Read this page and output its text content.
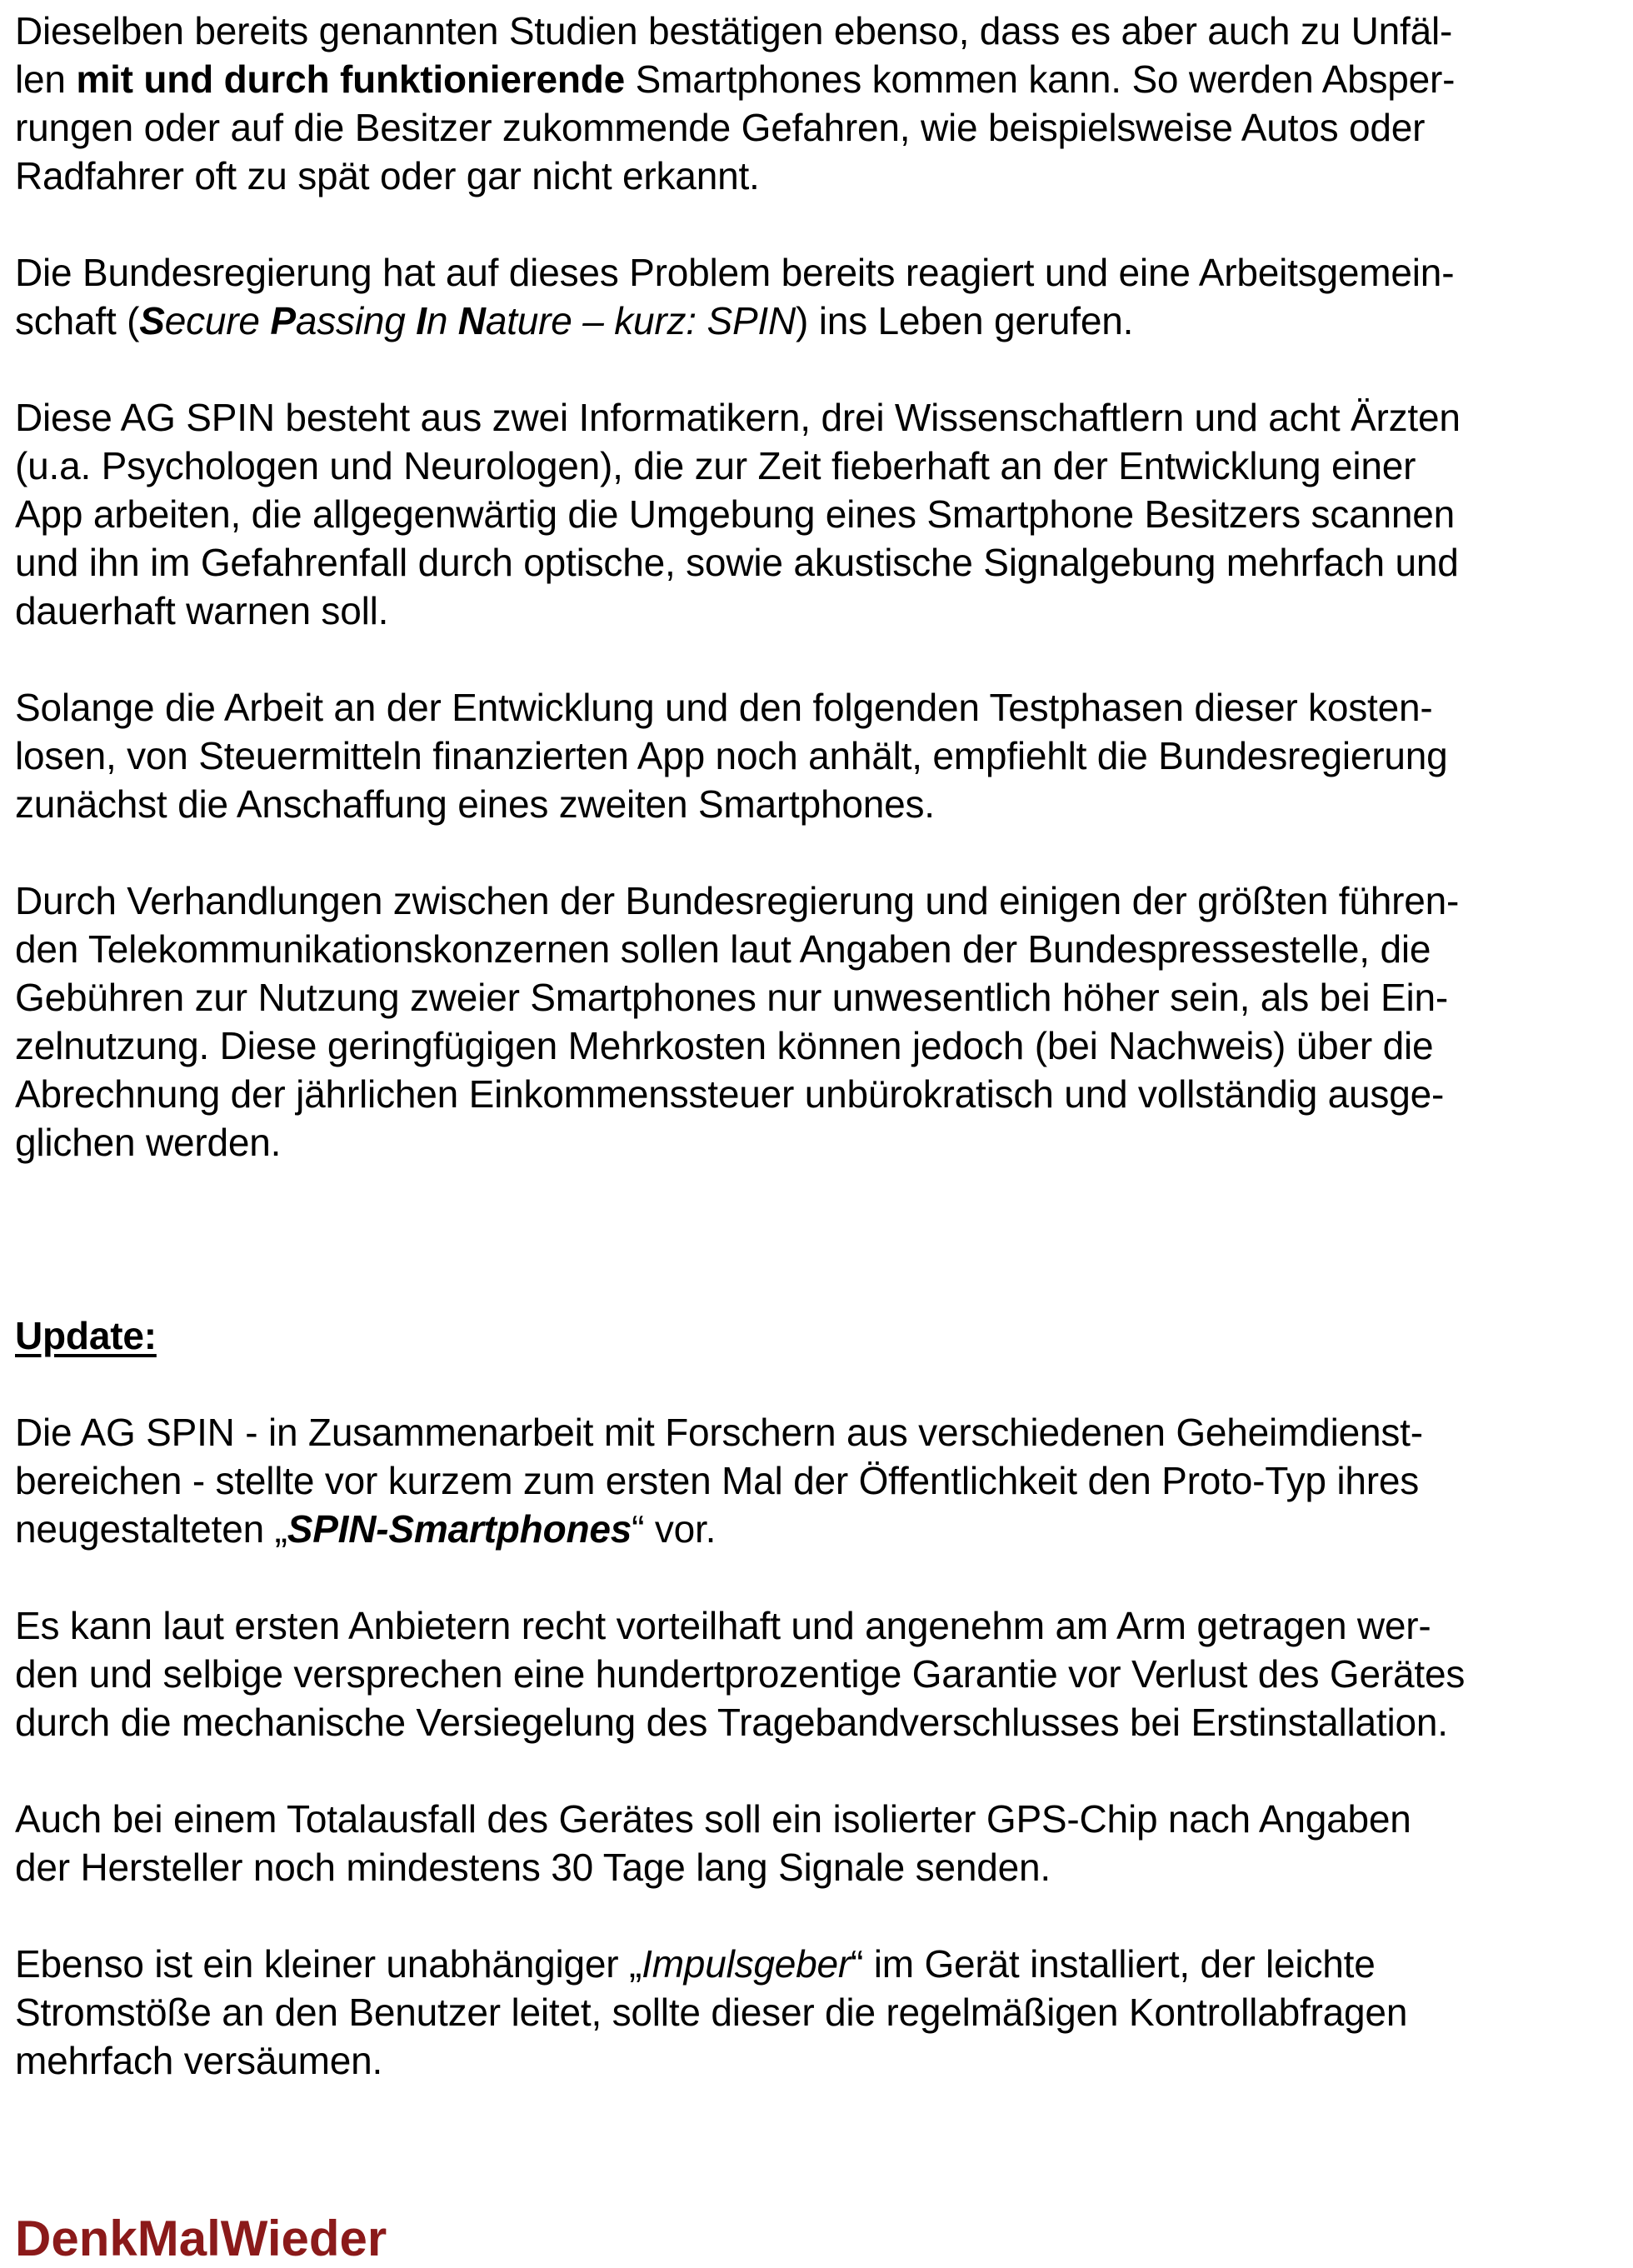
Dieselben bereits genannten Studien bestätigen ebenso, dass es aber auch zu Unfäl-
len mit und durch funktionierende Smartphones kommen kann. So werden Absper-
rungen oder auf die Besitzer zukommende Gefahren, wie beispielsweise Autos oder
Radfahrer oft zu spät oder gar nicht erkannt.

Die Bundesregierung hat auf dieses Problem bereits reagiert und eine Arbeitsgemein-
schaft (Secure Passing In Nature – kurz: SPIN) ins Leben gerufen.

Diese AG SPIN besteht aus zwei Informatikern, drei Wissenschaftlern und acht Ärzten
(u.a. Psychologen und Neurologen), die zur Zeit fieberhaft an der Entwicklung einer
App arbeiten, die allgegenwärtig die Umgebung eines Smartphone Besitzers scannen
und ihn im Gefahrenfall durch optische, sowie akustische Signalgebung mehrfach und
dauerhaft warnen soll.

Solange die Arbeit an der Entwicklung und den folgenden Testphasen dieser kosten-
losen, von Steuermitteln finanzierten App noch anhält, empfiehlt die Bundesregierung
zunächst die Anschaffung eines zweiten Smartphones.

Durch Verhandlungen zwischen der Bundesregierung und einigen der größten führen-
den Telekommunikationskonzernen sollen laut Angaben der Bundespressestelle, die
Gebühren zur Nutzung zweier Smartphones nur unwesentlich höher sein, als bei Ein-
zelnutzung. Diese geringfügigen Mehrkosten können jedoch (bei Nachweis) über die
Abrechnung der jährlichen Einkommenssteuer unbürokratisch und vollständig ausge-
glichen werden.

Update:

Die AG SPIN - in Zusammenarbeit mit Forschern aus verschiedenen Geheimdienst-
bereichen - stellte vor kurzem zum ersten Mal der Öffentlichkeit den Proto-Typ ihres
neugestalteten „SPIN-Smartphones“ vor.

Es kann laut ersten Anbietern recht vorteilhaft und angenehm am Arm getragen wer-
den und selbige versprechen eine hundertprozentige Garantie vor Verlust des Gerätes
durch die mechanische Versiegelung des Tragebandverschlusses bei Erstinstallation.

Auch bei einem Totalausfall des Gerätes soll ein isolierter GPS-Chip nach Angaben
der Hersteller noch mindestens 30 Tage lang Signale senden.

Ebenso ist ein kleiner unabhängiger „Impulsgeber“ im Gerät installiert, der leichte
Stromstöße an den Benutzer leitet, sollte dieser die regelmäßigen Kontrollabfragen
mehrfach versäumen.

DenkMalWieder
